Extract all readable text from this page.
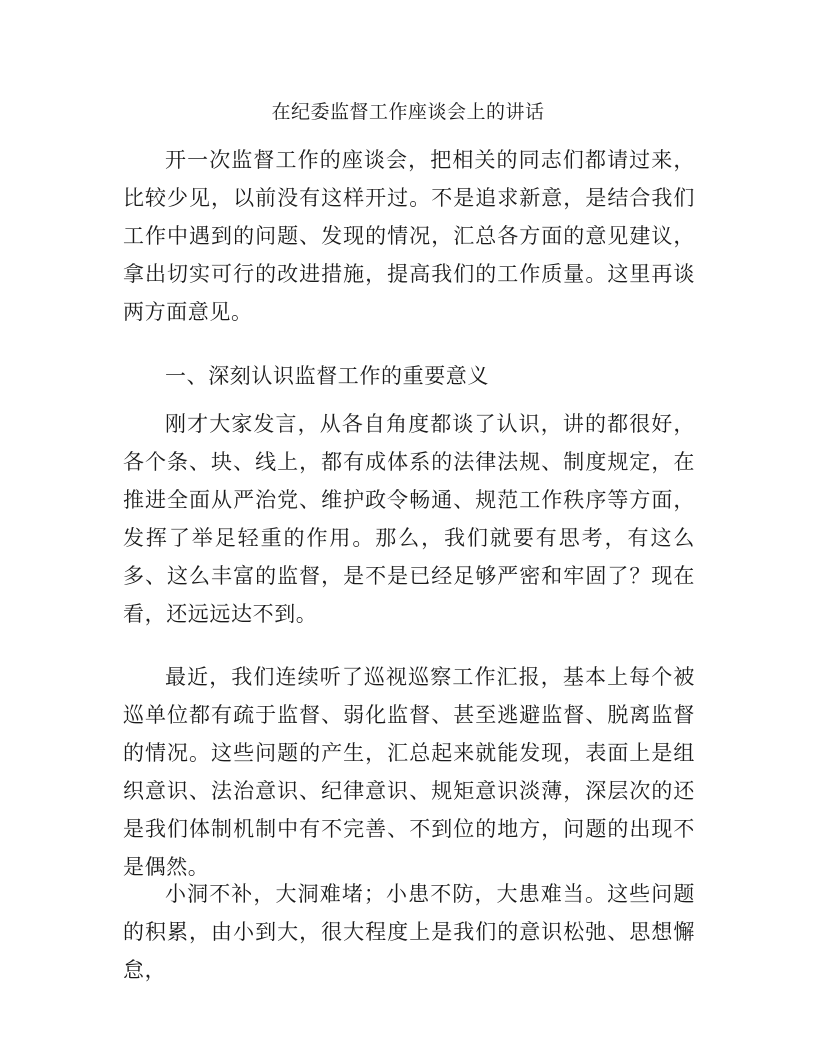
在纪委监督工作座谈会上的讲话

开一次监督工作的座谈会，把相关的同志们都请过来，比较少见，以前没有这样开过。不是追求新意，是结合我们工作中遇到的问题、发现的情况，汇总各方面的意见建议，拿出切实可行的改进措施，提高我们的工作质量。这里再谈两方面意见。

一、深刻认识监督工作的重要意义

刚才大家发言，从各自角度都谈了认识，讲的都很好，各个条、块、线上，都有成体系的法律法规、制度规定，在推进全面从严治党、维护政令畅通、规范工作秩序等方面，发挥了举足轻重的作用。那么，我们就要有思考，有这么多、这么丰富的监督，是不是已经足够严密和牢固了？现在看，还远远达不到。

最近，我们连续听了巡视巡察工作汇报，基本上每个被巡单位都有疏于监督、弱化监督、甚至逃避监督、脱离监督的情况。这些问题的产生，汇总起来就能发现，表面上是组织意识、法治意识、纪律意识、规矩意识淡薄，深层次的还是我们体制机制中有不完善、不到位的地方，问题的出现不是偶然。

小洞不补，大洞难堵；小患不防，大患难当。这些问题的积累，由小到大，很大程度上是我们的意识松弛、思想懈怠，
